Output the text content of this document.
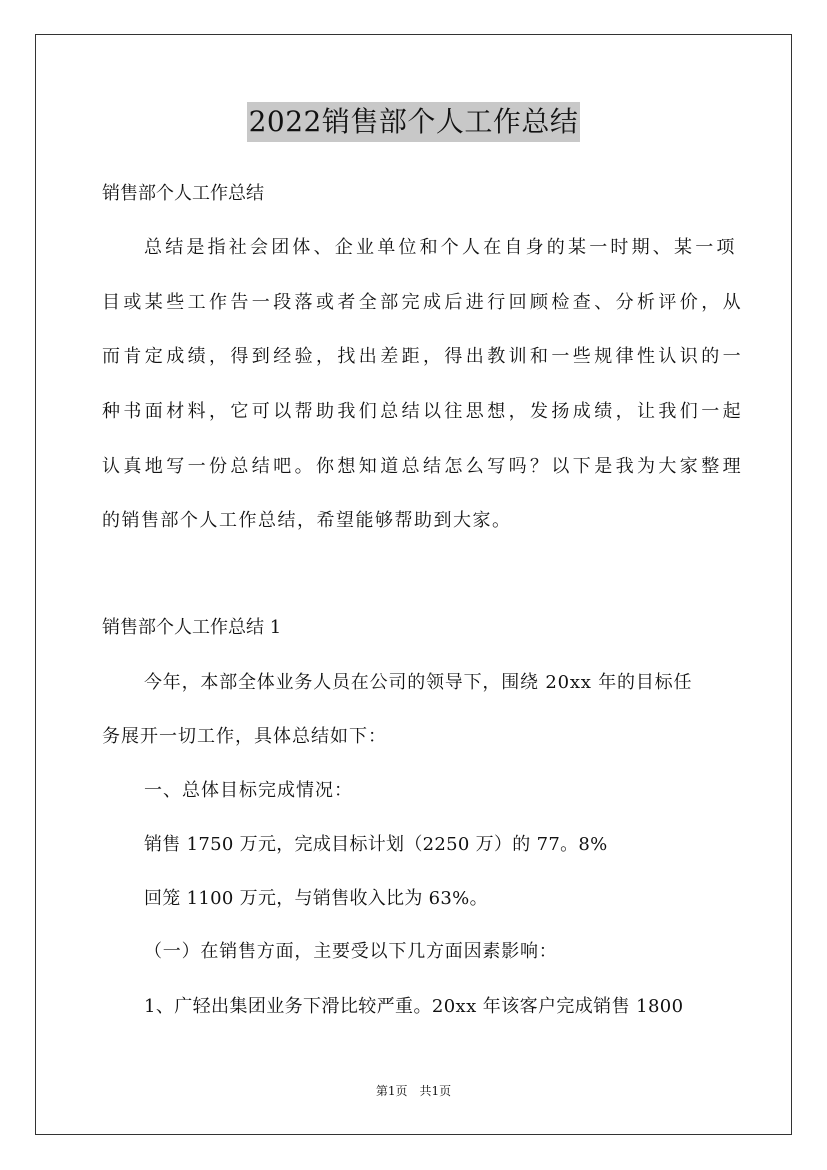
2022销售部个人工作总结
销售部个人工作总结
总结是指社会团体、企业单位和个人在自身的某一时期、某一项
目或某些工作告一段落或者全部完成后进行回顾检查、分析评价，从
而肯定成绩，得到经验，找出差距，得出教训和一些规律性认识的一
种书面材料，它可以帮助我们总结以往思想，发扬成绩，让我们一起
认真地写一份总结吧。你想知道总结怎么写吗？以下是我为大家整理
的销售部个人工作总结，希望能够帮助到大家。
销售部个人工作总结 1
今年，本部全体业务人员在公司的领导下，围绕 20xx 年的目标任
务展开一切工作，具体总结如下：
一、总体目标完成情况：
销售 1750 万元，完成目标计划（2250 万）的 77。8%
回笼 1100 万元，与销售收入比为 63%。
（一）在销售方面，主要受以下几方面因素影响：
1、广轻出集团业务下滑比较严重。20xx 年该客户完成销售 1800
第1页　共1页
